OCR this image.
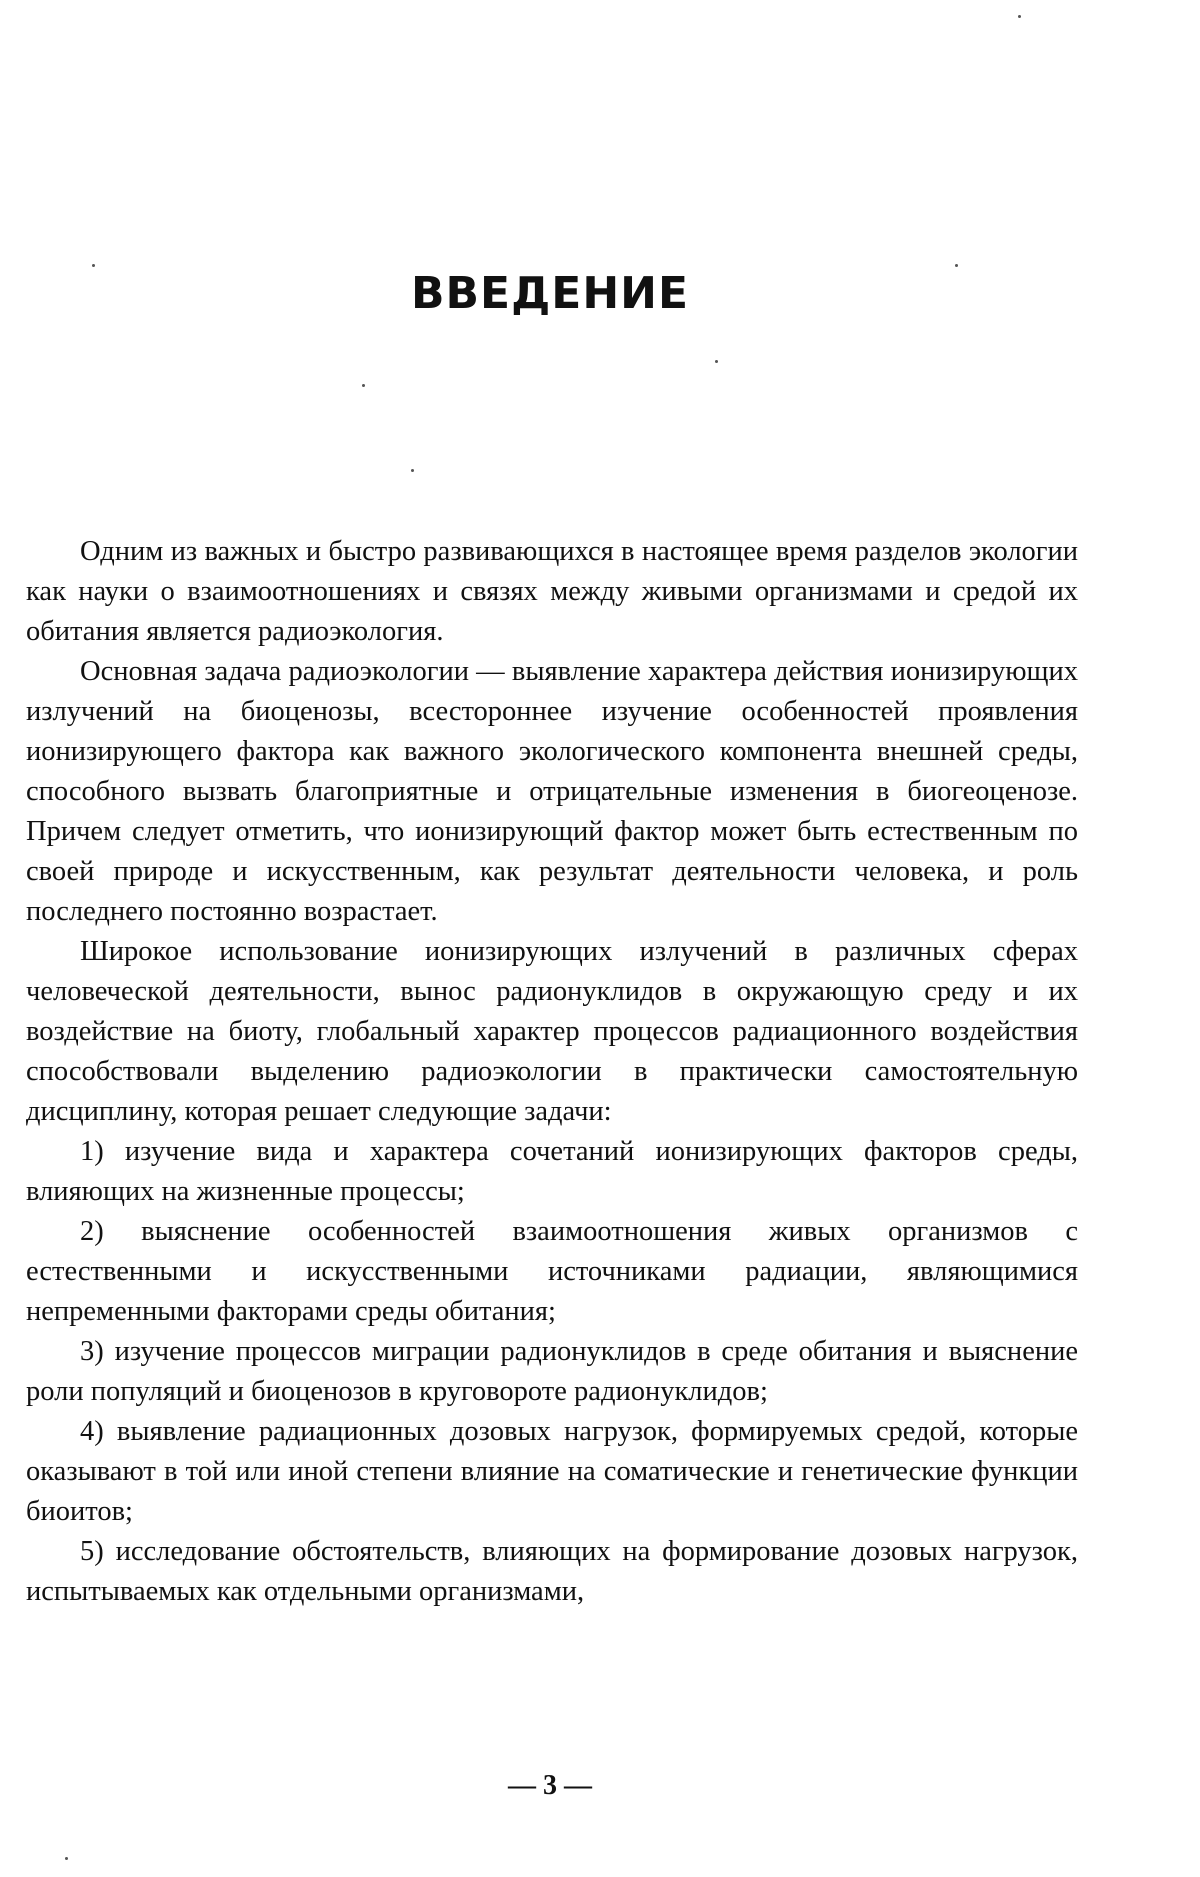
ВВЕДЕНИЕ

Одним из важных и быстро развивающихся в настоящее время разделов экологии как науки о взаимоотношениях и связях между живыми организмами и средой их обитания является радиоэкология.

Основная задача радиоэкологии — выявление характера действия ионизирующих излучений на биоценозы, всестороннее изучение особенностей проявления ионизирующего фактора как важного экологического компонента внешней среды, способного вызвать благоприятные и отрицательные изменения в биогеоценозе. Причем следует отметить, что ионизирующий фактор может быть естественным по своей природе и искусственным, как результат деятельности человека, и роль последнего постоянно возрастает.

Широкое использование ионизирующих излучений в различных сферах человеческой деятельности, вынос радионуклидов в окружающую среду и их воздействие на биоту, глобальный характер процессов радиационного воздействия способствовали выделению радиоэкологии в практически самостоятельную дисциплину, которая решает следующие задачи:

1) изучение вида и характера сочетаний ионизирующих факторов среды, влияющих на жизненные процессы;

2) выяснение особенностей взаимоотношения живых организмов с естественными и искусственными источниками радиации, являющимися непременными факторами среды обитания;

3) изучение процессов миграции радионуклидов в среде обитания и выяснение роли популяций и биоценозов в круговороте радионуклидов;

4) выявление радиационных дозовых нагрузок, формируемых средой, которые оказывают в той или иной степени влияние на соматические и генетические функции биоитов;

5) исследование обстоятельств, влияющих на формирование дозовых нагрузок, испытываемых как отдельными организмами,

— 3 —
